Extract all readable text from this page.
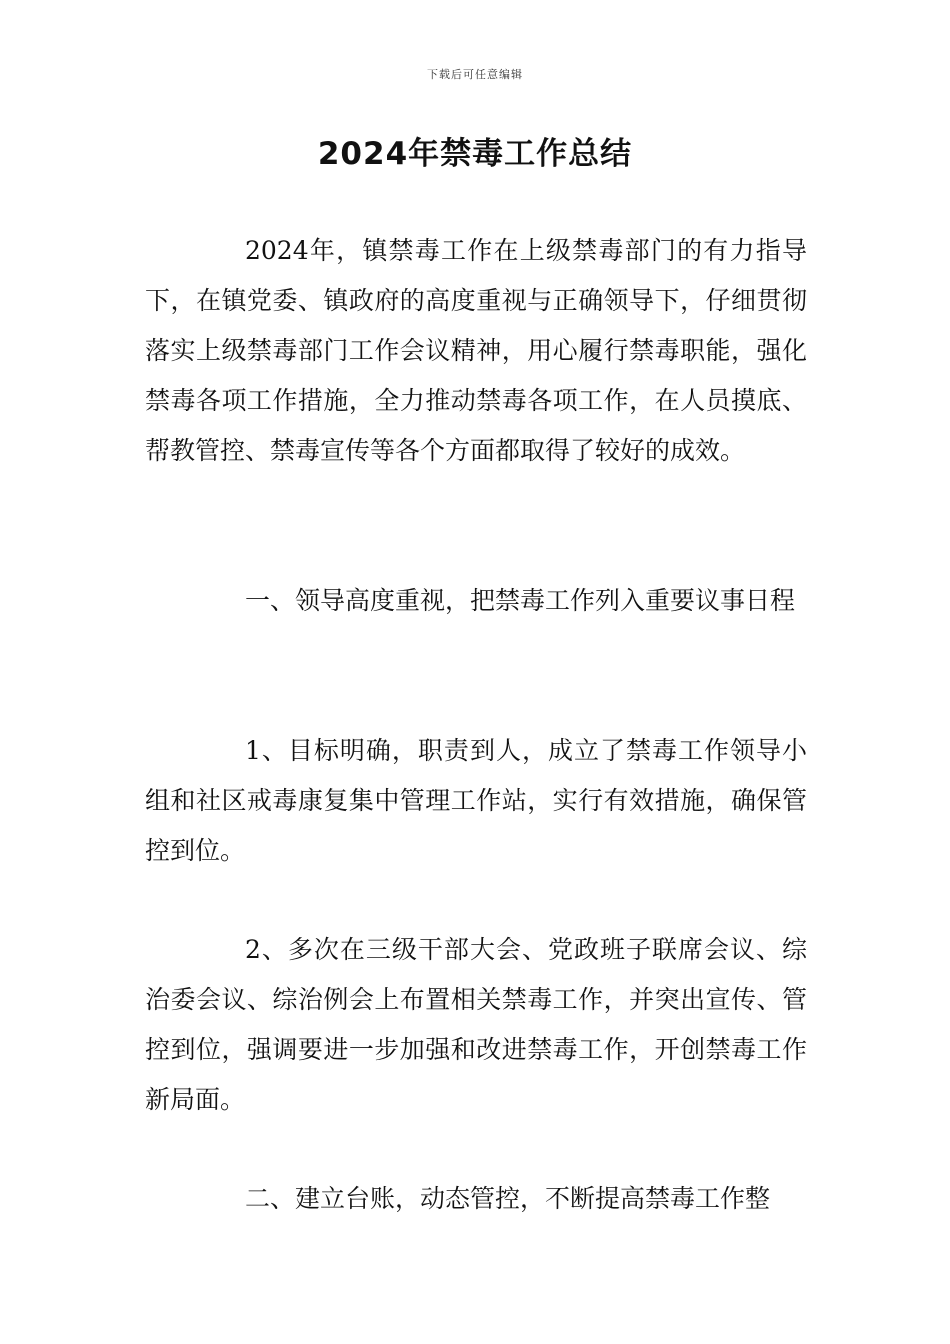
下载后可任意编辑
2024年禁毒工作总结

2024年，镇禁毒工作在上级禁毒部门的有力指导下，在镇党委、镇政府的高度重视与正确领导下，仔细贯彻落实上级禁毒部门工作会议精神，用心履行禁毒职能，强化禁毒各项工作措施，全力推动禁毒各项工作，在人员摸底、帮教管控、禁毒宣传等各个方面都取得了较好的成效。

一、领导高度重视，把禁毒工作列入重要议事日程

1、目标明确，职责到人，成立了禁毒工作领导小组和社区戒毒康复集中管理工作站，实行有效措施，确保管控到位。

2、多次在三级干部大会、党政班子联席会议、综治委会议、综治例会上布置相关禁毒工作，并突出宣传、管控到位，强调要进一步加强和改进禁毒工作，开创禁毒工作新局面。

二、建立台账，动态管控，不断提高禁毒工作整
